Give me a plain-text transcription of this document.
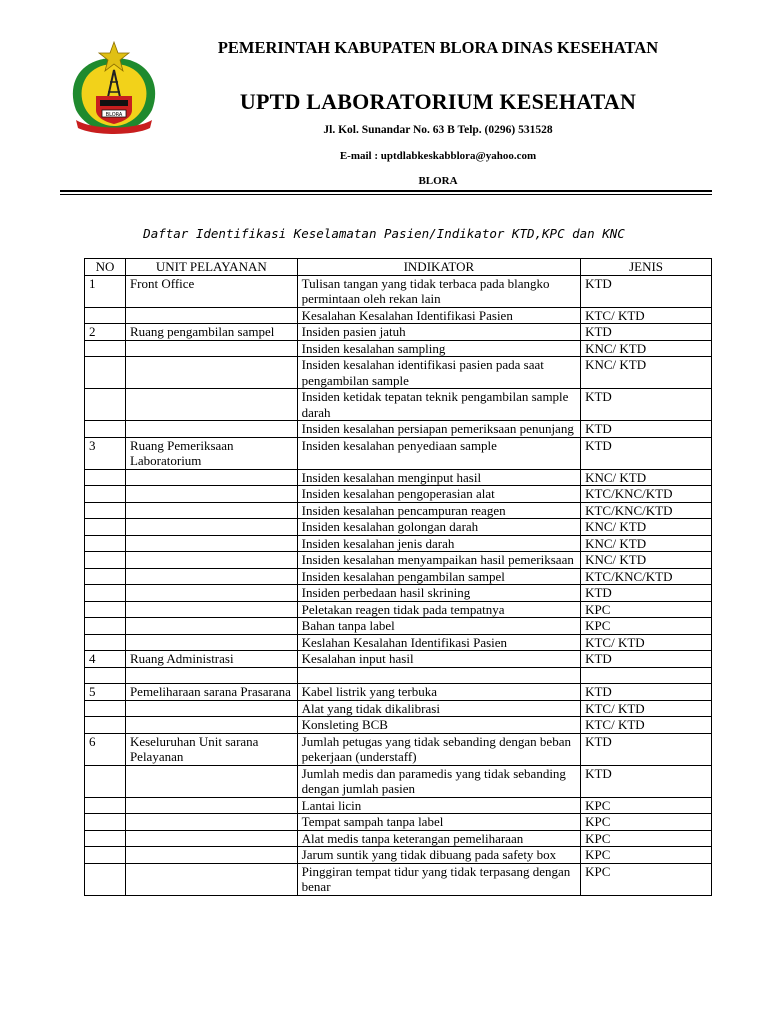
BLORA
PEMERINTAH KABUPATEN BLORA DINAS KESEHATAN
UPTD LABORATORIUM KESEHATAN
Jl. Kol. Sunandar No. 63 B Telp. (0296) 531528
E-mail : uptdlabkeskabblora@yahoo.com
BLORA
Daftar Identifikasi Keselamatan Pasien/Indikator KTD,KPC dan KNC
NO	UNIT PELAYANAN	INDIKATOR	JENIS
1	Front Office	Tulisan tangan yang tidak terbaca pada blangko permintaan oleh rekan lain	KTD
		Kesalahan Kesalahan Identifikasi Pasien	KTC/ KTD
2	Ruang pengambilan sampel	Insiden pasien jatuh	KTD
		Insiden kesalahan sampling	KNC/ KTD
		Insiden kesalahan identifikasi pasien pada saat pengambilan sample	KNC/ KTD
		Insiden ketidak tepatan teknik pengambilan sample darah	KTD
		Insiden kesalahan persiapan pemeriksaan penunjang	KTD
3	Ruang Pemeriksaan Laboratorium	Insiden kesalahan penyediaan sample	KTD
		Insiden kesalahan menginput hasil	KNC/ KTD
		Insiden kesalahan pengoperasian alat	KTC/KNC/KTD
		Insiden kesalahan pencampuran reagen	KTC/KNC/KTD
		Insiden kesalahan golongan darah	KNC/ KTD
		Insiden kesalahan jenis darah	KNC/ KTD
		Insiden kesalahan menyampaikan hasil pemeriksaan	KNC/ KTD
		Insiden kesalahan pengambilan sampel	KTC/KNC/KTD
		Insiden perbedaan hasil skrining	KTD
		Peletakan reagen tidak pada tempatnya	KPC
		Bahan tanpa label	KPC
		Keslahan Kesalahan Identifikasi Pasien	KTC/ KTD
4	Ruang Administrasi	Kesalahan input hasil	KTD

5	Pemeliharaan sarana Prasarana	Kabel listrik yang terbuka	KTD
		Alat yang tidak dikalibrasi	KTC/ KTD
		Konsleting BCB	KTC/ KTD
6	Keseluruhan Unit sarana Pelayanan	Jumlah petugas yang tidak sebanding dengan beban pekerjaan (understaff)	KTD
		Jumlah medis dan paramedis yang tidak sebanding dengan jumlah pasien	KTD
		Lantai licin	KPC
		Tempat sampah tanpa label	KPC
		Alat medis tanpa keterangan pemeliharaan	KPC
		Jarum suntik yang tidak dibuang pada safety box	KPC
		Pinggiran tempat tidur yang tidak terpasang dengan benar	KPC
